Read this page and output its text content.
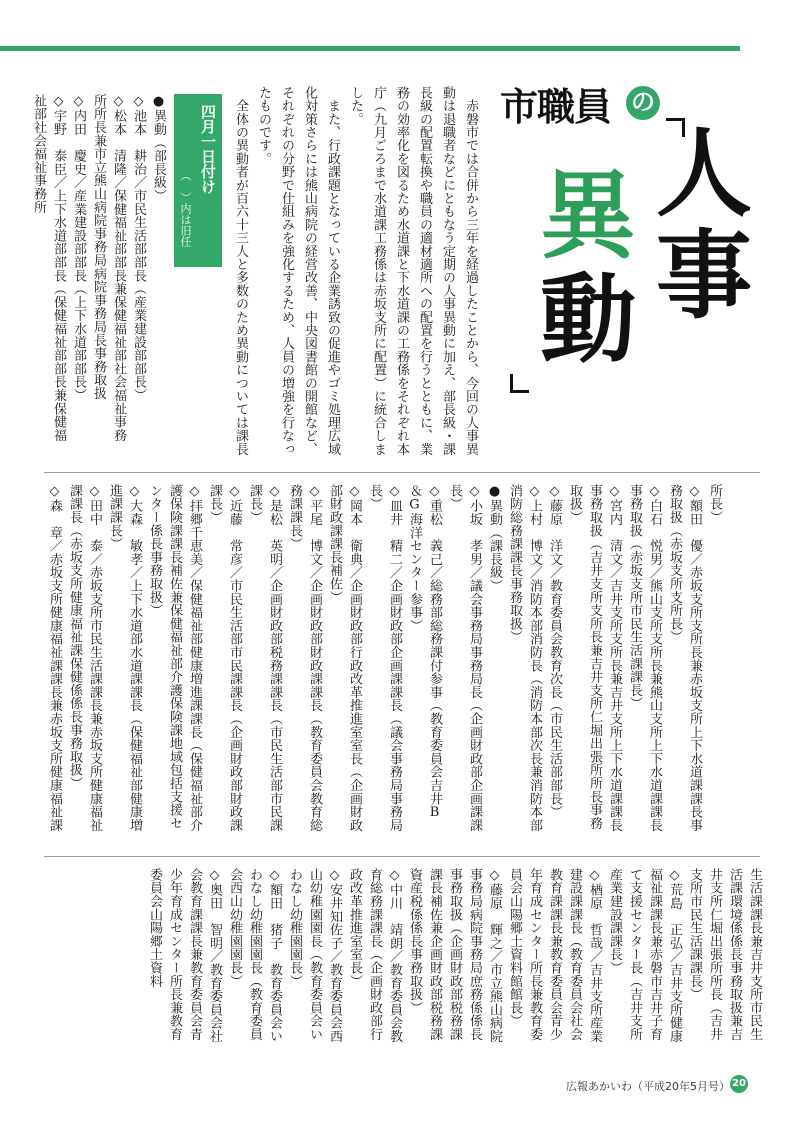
市職員 の
人
事
異
動

　赤磐市では合併から三年を経過したことから、今回の人事異動は退職者などにともなう定期の人事異動に加え、部長級・課長級の配置転換や職員の適材適所への配置を行うとともに、業務の効率化を図るため水道課と下水道課の工務係をそれぞれ本庁（九月ごろまで水道課工務係は赤坂支所に配置）に統合しました。
　また、行政課題となっている企業誘致の促進やゴミ処理広域化対策さらには熊山病院の経営改善、中央図書館の開館など、それぞれの分野で仕組みを強化するため、人員の増強を行なったものです。
　全体の異動者が百六十三人と多数のため異動については課長

四月一日付け

（　）内は旧任

●異動（部長級）
◇池本　耕治／市民生活部部長（産業建設部部長）
◇松本　清隆／保健福祉部部長兼保健福祉部社会福祉事務所所長兼市立熊山病院事務局病院事務局長事務取扱
◇内田　慶史／産業建設部部長（上下水道部部長）
◇宇野　泰臣／上下水道部部長（保健福祉部部長兼保健福祉部社会福祉事務所

所長）
◇額田　優／赤坂支所支所長兼赤坂支所上下水道課課長事務取扱（赤坂支所支所長）
◇白石　悦男／熊山支所支所長兼熊山支所上下水道課課長事務取扱（赤坂支所市民生活課課長）
◇宮内　清文／吉井支所支所長兼吉井支所上下水道課課長事務取扱（吉井支所支所長兼吉井支所仁堀出張所所長事務取扱）
◇藤原　洋文／教育委員会教育次長（市民生活部部長）
◇上村　博文／消防本部消防長（消防本部次長兼消防本部消防総務課課長事務取扱）
●異動（課長級）
◇小坂　孝男／議会事務局事務局長（企画財政部企画課課長）
◇重松　義己／総務部総務課付参事（教育委員会吉井B＆G海洋センター参事）
◇皿井　精二／企画財政部企画課課長（議会事務局事務局長）
◇岡本　衛典／企画財政部行政改革推進室室長（企画財政部財政課課長補佐）
◇平尾　博文／企画財政部財政課課長（教育委員会教育総務課課長）
◇是松　英明／企画財政部税務課課長（市民生活部市民課課長）
◇近藤　常彦／市民生活部市民課課長（企画財政部財政課課長）
◇拝郷千恵美／保健福祉部健康増進課課長（保健福祉部介護保険課課長補佐兼保健福祉部介護保険課地域包括支援センター係長事務取扱）
◇大森　敏孝／上下水道部水道課課長（保健福祉部健康増進課課長）
◇田中　泰／赤坂支所市民生活課課長兼赤坂支所健康福祉課課長（赤坂支所健康福祉課保健係係長事務取扱）
◇森　章／赤坂支所健康福祉課課長兼赤坂支所健康福祉課

生活課課長兼吉井支所市民生活課環境係係長事務取扱兼吉井支所仁堀出張所所長（吉井支所市民生活課課長）
◇荒島　正弘／吉井支所健康福祉課課長兼赤磐市吉井子育て支援センター長（吉井支所産業建設課課長）
◇楢原　哲哉／吉井支所産業建設課課長（教育委員会社会教育課課長兼教育委員会青少年育成センター所長兼教育委員会山陽郷土資料館館長）
◇藤原　輝之／市立熊山病院事務局病院事務局庶務係係長事務取扱（企画財政部税務課課長補佐兼企画財政部税務課資産税係係長事務取扱）
◇中川　靖朗／教育委員会教育総務課課長（企画財政部行政改革推進室室長）
◇安井知佐子／教育委員会西山幼稚園園長（教育委員会いわなし幼稚園園長）
◇額田　猪子　教育委員会いわなし幼稚園園長（教育委員会西山幼稚園園長）
◇奥田　智明／教育委員会社会教育課課長兼教育委員会青少年育成センター所長兼教育委員会山陽郷土資料

広報あかいわ（平成20年5月号） 20
